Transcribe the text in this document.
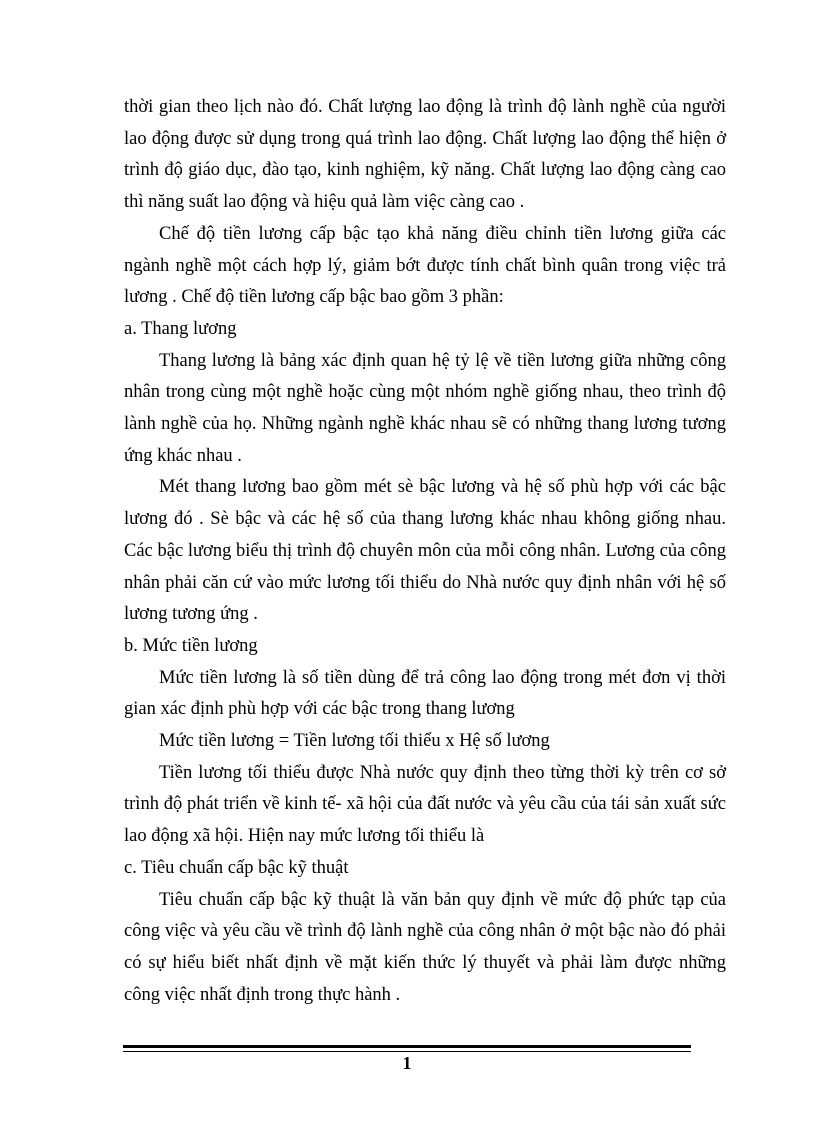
thời gian theo lịch nào đó. Chất lượng lao động là trình độ lành nghề của người lao động được sử dụng trong quá trình lao động. Chất lượng lao động thể hiện ở trình độ giáo dục, đào tạo, kinh nghiệm, kỹ năng. Chất lượng lao động càng cao thì năng suất lao động và hiệu quả làm việc càng cao .

Chế độ tiền lương cấp bậc tạo khả năng điều chỉnh tiền lương giữa các ngành nghề một cách hợp lý, giảm bớt được tính chất bình quân trong việc trả lương . Chế độ tiền lương cấp bậc bao gồm 3 phần:

a. Thang lương

Thang lương là bảng xác định quan hệ tỷ lệ về tiền lương giữa những công nhân trong cùng một nghề hoặc cùng một nhóm nghề giống nhau, theo trình độ lành nghề của họ. Những ngành nghề khác nhau sẽ có những thang lương tương ứng khác nhau .

Mét thang lương bao gồm mét sè bậc lương và hệ số phù hợp với các bậc lương đó . Sè bậc và các hệ số của thang lương khác nhau không giống nhau. Các bậc lương biểu thị trình độ chuyên môn của mỗi công nhân. Lương của công nhân phải căn cứ vào mức lương tối thiểu do Nhà nước quy định nhân với hệ số lương tương ứng .

b. Mức tiền lương

Mức tiền lương là số tiền dùng để trả công lao động trong mét đơn vị thời gian xác định phù hợp với các bậc trong thang lương

Mức tiền lương = Tiền lương tối thiểu x Hệ số lương

Tiền lương tối thiểu được Nhà nước quy định theo từng thời kỳ trên cơ sở trình độ phát triển về kinh tế- xã hội của đất nước và yêu cầu của tái sản xuất sức lao động xã hội. Hiện nay mức lương tối thiểu là

c. Tiêu chuẩn cấp bậc kỹ thuật

Tiêu chuẩn cấp bậc kỹ thuật là văn bản quy định về mức độ phức tạp của công việc và yêu cầu về trình độ lành nghề của công nhân ở một bậc nào đó phải có sự hiểu biết nhất định về mặt kiến thức lý thuyết và phải làm được những công việc nhất định trong thực hành .

1
